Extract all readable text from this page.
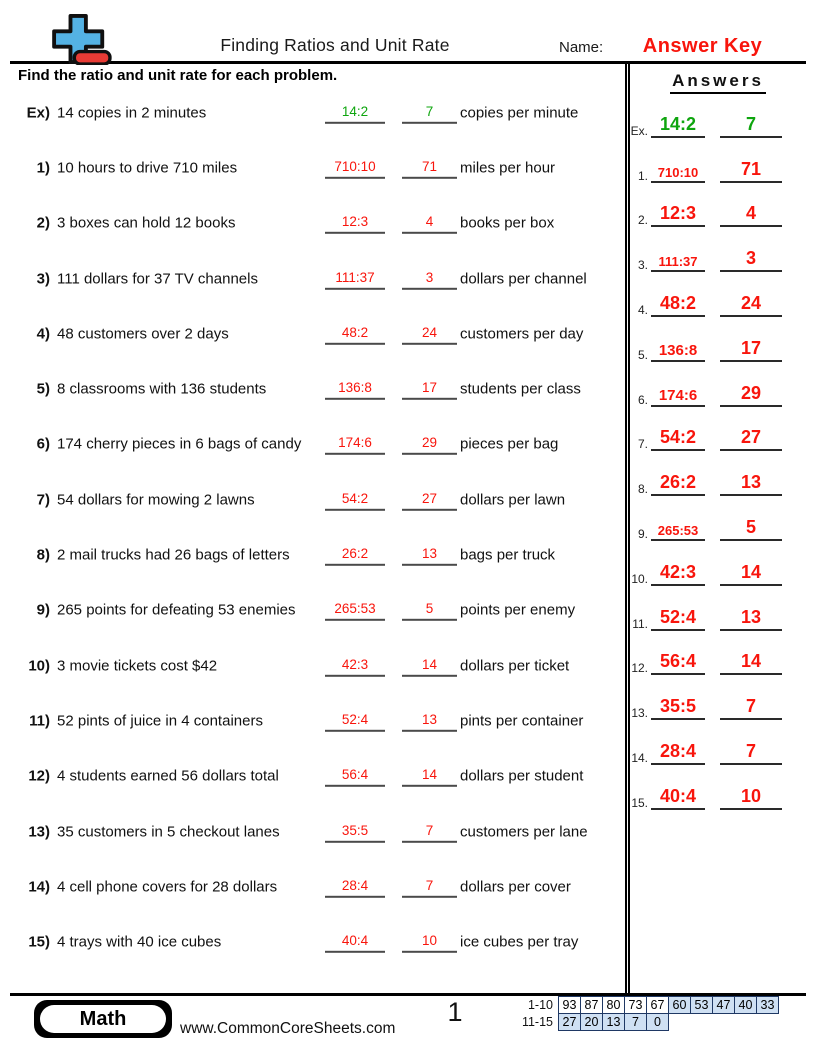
Finding Ratios and Unit Rate	Name:	Answer Key
Find the ratio and unit rate for each problem.
Ex) 14 copies in 2 minutes	14:2	7	copies per minute
1) 10 hours to drive 710 miles	710:10	71	miles per hour
2) 3 boxes can hold 12 books	12:3	4	books per box
3) 111 dollars for 37 TV channels	111:37	3	dollars per channel
4) 48 customers over 2 days	48:2	24	customers per day
5) 8 classrooms with 136 students	136:8	17	students per class
6) 174 cherry pieces in 6 bags of candy	174:6	29	pieces per bag
7) 54 dollars for mowing 2 lawns	54:2	27	dollars per lawn
8) 2 mail trucks had 26 bags of letters	26:2	13	bags per truck
9) 265 points for defeating 53 enemies	265:53	5	points per enemy
10) 3 movie tickets cost $42	42:3	14	dollars per ticket
11) 52 pints of juice in 4 containers	52:4	13	pints per container
12) 4 students earned 56 dollars total	56:4	14	dollars per student
13) 35 customers in 5 checkout lanes	35:5	7	customers per lane
14) 4 cell phone covers for 28 dollars	28:4	7	dollars per cover
15) 4 trays with 40 ice cubes	40:4	10	ice cubes per tray
Answers
Ex. 14:2	7
1. 710:10	71
2. 12:3	4
3. 111:37	3
4. 48:2	24
5. 136:8	17
6. 174:6	29
7. 54:2	27
8. 26:2	13
9. 265:53	5
10. 42:3	14
11. 52:4	13
12. 56:4	14
13. 35:5	7
14. 28:4	7
15. 40:4	10
Math	www.CommonCoreSheets.com
1	1-10 93 87 80 73 67 60 53 47 40 33
11-15 27 20 13 7	0
